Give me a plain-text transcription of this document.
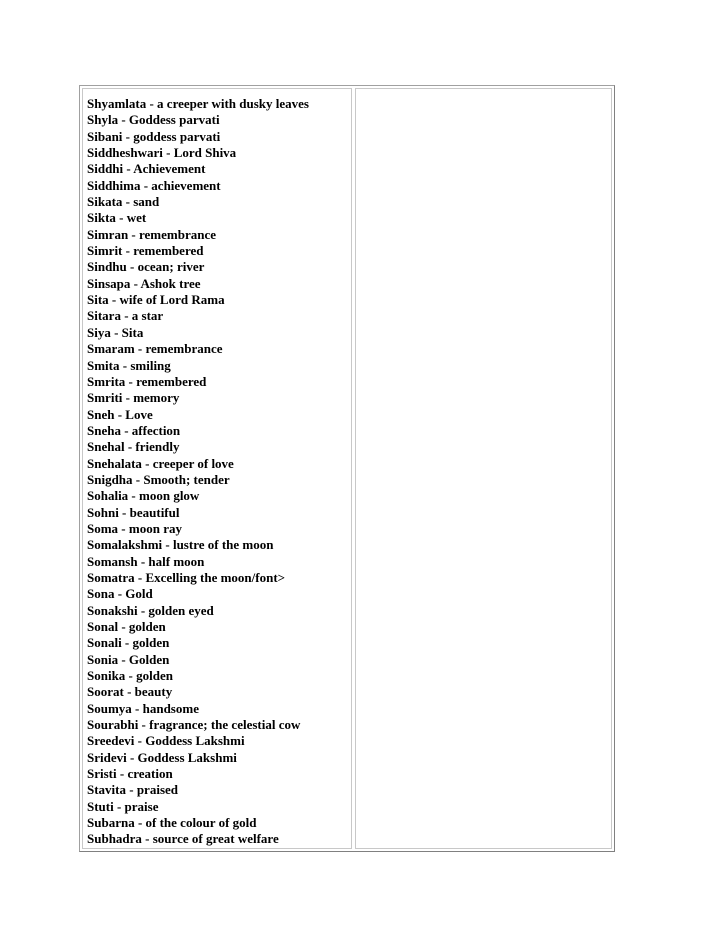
Shyamlata - a creeper with dusky leaves
Shyla - Goddess parvati
Sibani - goddess parvati
Siddheshwari - Lord Shiva
Siddhi - Achievement
Siddhima - achievement
Sikata - sand
Sikta - wet
Simran - remembrance
Simrit - remembered
Sindhu - ocean; river
Sinsapa - Ashok tree
Sita - wife of Lord Rama
Sitara - a star
Siya - Sita
Smaram - remembrance
Smita - smiling
Smrita - remembered
Smriti - memory
Sneh - Love
Sneha - affection
Snehal - friendly
Snehalata - creeper of love
Snigdha - Smooth; tender
Sohalia - moon glow
Sohni - beautiful
Soma - moon ray
Somalakshmi - lustre of the moon
Somansh - half moon
Somatra - Excelling the moon/font>
Sona - Gold
Sonakshi - golden eyed
Sonal - golden
Sonali - golden
Sonia - Golden
Sonika - golden
Soorat - beauty
Soumya - handsome
Sourabhi - fragrance; the celestial cow
Sreedevi - Goddess Lakshmi
Sridevi - Goddess Lakshmi
Sristi - creation
Stavita - praised
Stuti - praise
Subarna - of the colour of gold
Subhadra - source of great welfare
